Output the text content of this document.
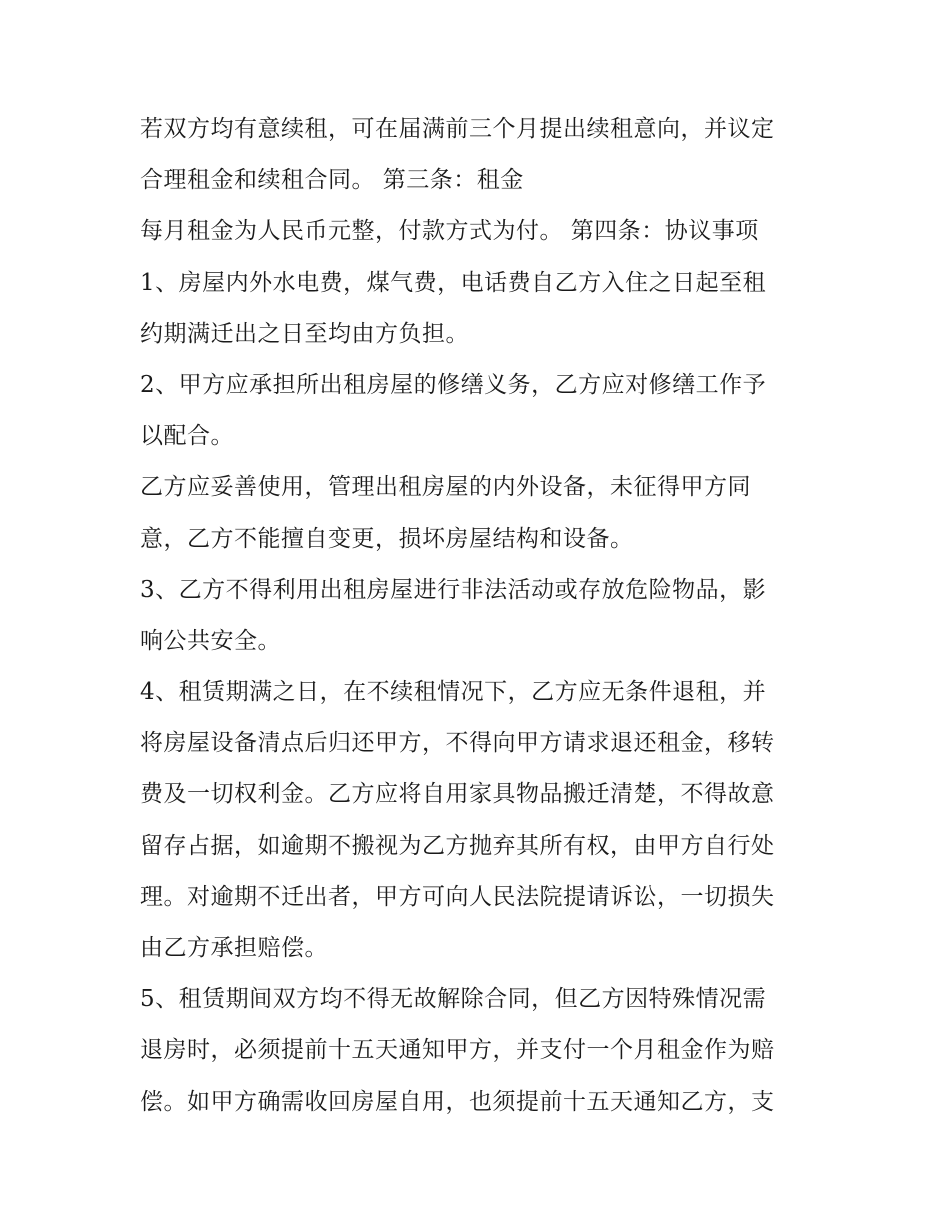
若双方均有意续租，可在届满前三个月提出续租意向，并议定
合理租金和续租合同。 第三条：租金
每月租金为人民币元整，付款方式为付。 第四条：协议事项
1、房屋内外水电费，煤气费，电话费自乙方入住之日起至租
约期满迁出之日至均由方负担。
2、甲方应承担所出租房屋的修缮义务，乙方应对修缮工作予
以配合。
乙方应妥善使用，管理出租房屋的内外设备，未征得甲方同
意，乙方不能擅自变更，损坏房屋结构和设备。
3、乙方不得利用出租房屋进行非法活动或存放危险物品，影
响公共安全。
4、租赁期满之日，在不续租情况下，乙方应无条件退租，并
将房屋设备清点后归还甲方，不得向甲方请求退还租金，移转
费及一切权利金。乙方应将自用家具物品搬迁清楚，不得故意
留存占据，如逾期不搬视为乙方抛弃其所有权，由甲方自行处
理。对逾期不迁出者，甲方可向人民法院提请诉讼，一切损失
由乙方承担赔偿。
5、租赁期间双方均不得无故解除合同，但乙方因特殊情况需
退房时，必须提前十五天通知甲方，并支付一个月租金作为赔
偿。如甲方确需收回房屋自用，也须提前十五天通知乙方，支
